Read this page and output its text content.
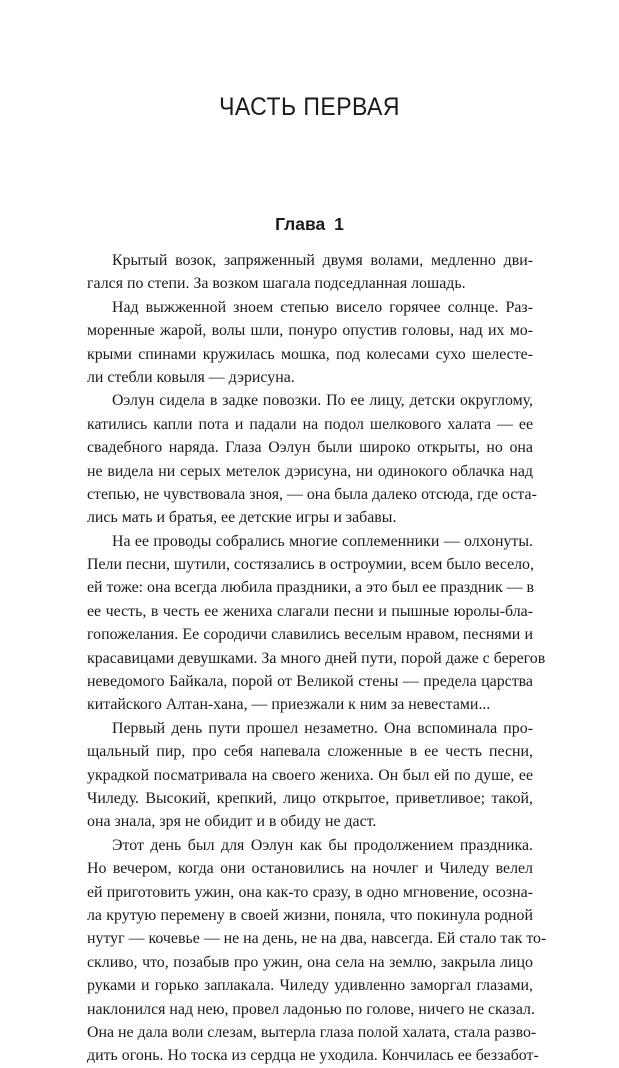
ЧАСТЬ ПЕРВАЯ
Глава 1
Крытый возок, запряженный двумя волами, медленно дви-
гался по степи. За возком шагала подседланная лошадь.
Над выжженной зноем степью висело горячее солнце. Раз-
моренные жарой, волы шли, понуро опустив головы, над их мо-
крыми спинами кружилась мошка, под колесами сухо шелесте-
ли стебли ковыля — дэрисуна.
Оэлун сидела в задке повозки. По ее лицу, детски округлому,
катились капли пота и падали на подол шелкового халата — ее
свадебного наряда. Глаза Оэлун были широко открыты, но она
не видела ни серых метелок дэрисуна, ни одинокого облачка над
степью, не чувствовала зноя, — она была далеко отсюда, где оста-
лись мать и братья, ее детские игры и забавы.
На ее проводы собрались многие соплеменники — олхонуты.
Пели песни, шутили, состязались в остроумии, всем было весело,
ей тоже: она всегда любила праздники, а это был ее праздник — в
ее честь, в честь ее жениха слагали песни и пышные юролы-бла-
гопожелания. Ее сородичи славились веселым нравом, песнями и
красавицами девушками. За много дней пути, порой даже с берегов
неведомого Байкала, порой от Великой стены — предела царства
китайского Алтан-хана, — приезжали к ним за невестами...
Первый день пути прошел незаметно. Она вспоминала про-
щальный пир, про себя напевала сложенные в ее честь песни,
украдкой посматривала на своего жениха. Он был ей по душе, ее
Чиледу. Высокий, крепкий, лицо открытое, приветливое; такой,
она знала, зря не обидит и в обиду не даст.
Этот день был для Оэлун как бы продолжением праздника.
Но вечером, когда они остановились на ночлег и Чиледу велел
ей приготовить ужин, она как-то сразу, в одно мгновение, осозна-
ла крутую перемену в своей жизни, поняла, что покинула родной
нутуг — кочевье — не на день, не на два, навсегда. Ей стало так то-
скливо, что, позабыв про ужин, она села на землю, закрыла лицо
руками и горько заплакала. Чиледу удивленно заморгал глазами,
наклонился над нею, провел ладонью по голове, ничего не сказал.
Она не дала воли слезам, вытерла глаза полой халата, стала разво-
дить огонь. Но тоска из сердца не уходила. Кончилась ее беззабот-
